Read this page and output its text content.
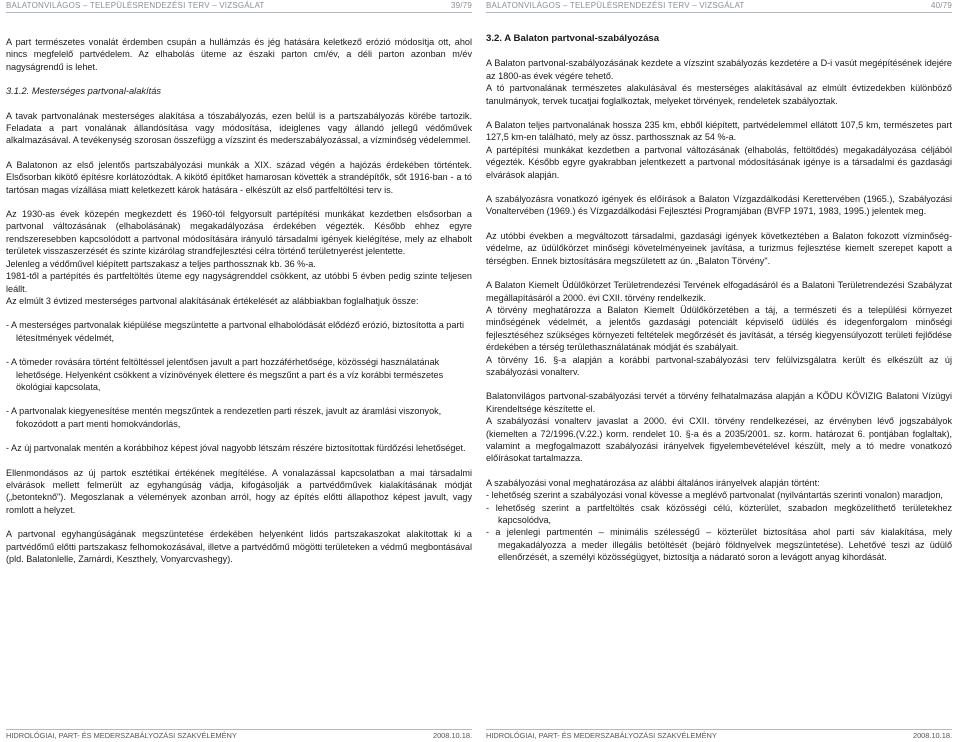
BALATONVILÁGOS – TELEPÜLÉSRENDEZÉSI TERV – VIZSGÁLAT	39/79

A part természetes vonalát érdemben csupán a hullámzás és jég hatására keletkező erózió módosítja ott, ahol nincs megfelelő partvédelem. Az elhabolás üteme az északi parton cm/év, a déli parton azonban m/év nagyságrendű is lehet.

3.1.2. Mesterséges partvonal-alakítás

A tavak partvonalának mesterséges alakítása a tószabályozás, ezen belül is a partszabályozás körébe tartozik. Feladata a part vonalának állandósítása vagy módosítása, ideiglenes vagy állandó jellegű védőművek alkalmazásával. A tevékenység szorosan összefügg a vízszint és mederszabályozással, a vízminőség védelemmel.

A Balatonon az első jelentős partszabályozási munkák a XIX. század végén a hajózás érdekében történtek. Elsősorban kikötő építésre korlátozódtak. A kikötő építőket hamarosan követték a strandépítők, sőt 1916-ban - a tó tartósan magas vízállása miatt keletkezett károk hatására - elkészült az első partfeltöltési terv is.

Az 1930-as évek közepén megkezdett és 1960-tól felgyorsult partépítési munkákat kezdetben elsősorban a partvonal változásának (elhabolásának) megakadályozása érdekében végezték. Később ehhez egyre rendszeresebben kapcsolódott a partvonal módosítására irányuló társadalmi igények kielégítése, mely az elhabolt területek visszaszerzését és szinte kizárólag strandfejlesztési célra történő területnyerést jelentette.

Jelenleg a védőművel kiépített partszakasz a teljes parthossznak kb. 36 %-a.

1981-től a partépítés és partfeltöltés üteme egy nagyságrenddel csökkent, az utóbbi 5 évben pedig szinte teljesen leállt.

Az elmúlt 3 évtized mesterséges partvonal alakításának értékelését az alábbiakban foglalhatjuk össze:

- A mesterséges partvonalak kiépülése megszüntette a partvonal elhabolódását elődéző erózió, biztosította a parti létesítmények védelmét,
- A tömeder rovására történt feltöltéssel jelentősen javult a part hozzáférhetősége, közösségi használatának lehetősége. Helyenként csökkent a vízinövények élettere és megszűnt a part és a víz korábbi természetes ökológiai kapcsolata,
- A partvonalak kiegyenesítése mentén megszűntek a rendezetlen parti részek, javult az áramlási viszonyok, fokozódott a part menti homokvándorlás,
- Az új partvonalak mentén a korábbihoz képest jóval nagyobb létszám részére biztosítottak fürdőzési lehetőséget.

Ellenmondásos az új partok esztétikai értékének megítélése. A vonalazással kapcsolatban a mai társadalmi elvárások mellett felmerült az egyhangúság vádja, kifogásolják a partvédőművek kialakításának módját („betonteknő"). Megoszlanak a vélemények azonban arról, hogy az építés előtti állapothoz képest javult, vagy romlott a helyzet.

A partvonal egyhangúságának megszüntetése érdekében helyenként lidós partszakaszokat alakítottak ki a partvédőmű előtti partszakasz felhomokozásával, illetve a partvédőmű mögötti területeken a védmű megbontásával (pld. Balatonlelle, Zamárdi, Keszthely, Vonyarcvashegy).

HIDROLÓGIAI, PART- ÉS MEDERSZABÁLYOZÁSI SZAKVÉLEMÉNY	2008.10.18.
BALATONVILÁGOS – TELEPÜLÉSRENDEZÉSI TERV – VIZSGÁLAT	40/79
3.2. A Balaton partvonal-szabályozása

A Balaton partvonal-szabályozásának kezdete a vízszint szabályozás kezdetére a D-i vasút megépítésének idejére az 1800-as évek végére tehető.

A tó partvonalának természetes alakulásával és mesterséges alakításával az elmúlt évtizedekben különböző tanulmányok, tervek tucatjai foglalkoztak, melyeket törvények, rendeletek szabályoztak.

A Balaton teljes partvonalának hossza 235 km, ebből kiépített, partvédelemmel ellátott 107,5 km, természetes part 127,5 km-en található, mely az össz. parthossznak az 54 %-a.

A partépítési munkákat kezdetben a partvonal változásának (elhabolás, feltöltődés) megakadályozása céljából végezték. Később egyre gyakrabban jelentkezett a partvonal módosításának igénye is a társadalmi és gazdasági elvárások alapján.

A szabályozásra vonatkozó igények és előírások a Balaton Vízgazdálkodási Kerettervében (1965.), Szabályozási Vonaltervében (1969.) és Vízgazdálkodási Fejlesztési Programjában (BVFP 1971, 1983, 1995.) jelentek meg.

Az utóbbi években a megváltozott társadalmi, gazdasági igények következtében a Balaton fokozott vízminőség-védelme, az üdülőkörzet minőségi követelményeinek javítása, a turizmus fejlesztése kiemelt szerepet kapott a térségben. Ennek biztosítására megszületett az ún. „Balaton Törvény".

A Balaton Kiemelt Üdülőkörzet Területrendezési Tervének elfogadásáról és a Balatoni Területrendezési Szabályzat megállapításáról a 2000. évi CXII. törvény rendelkezik.

A törvény meghatározza a Balaton Kiemelt Üdülőkörzetében a táj, a természeti és a települési környezet minőségének védelmét, a jelentős gazdasági potenciált képviselő üdülés és idegenforgalom minőségi fejlesztéséhez szükséges környezeti feltételek megőrzését és javítását, a térség kiegyensúlyozott területi fejlődése érdekében a térség területhasználatának módját és szabályait.

A törvény 16. §-a alapján a korábbi partvonal-szabályozási terv felülvizsgálatra került és elkészült az új szabályozási vonalterv.

Balatonvilágos partvonal-szabályozási tervét a törvény felhatalmazása alapján a KÖDU KÖVIZIG Balatoni Vízügyi Kirendeltsége készítette el.

A szabályozási vonalterv javaslat a 2000. évi CXII. törvény rendelkezései, az érvényben lévő jogszabályok (kiemelten a 72/1996.(V.22.) korm. rendelet 10. §-a és a 2035/2001. sz. korm. határozat 6. pontjában foglaltak), valamint a megfogalmazott szabályozási irányelvek figyelembevételével készült, mely a tó medre vonatkozó előírásokat tartalmazza.

A szabályozási vonal meghatározása az alábbi általános irányelvek alapján történt:

- lehetőség szerint a szabályozási vonal kövesse a meglévő partvonalat (nyilvántartás szerinti vonalon) maradjon,
- lehetőség szerint a partfeltöltés csak közösségi célú, közterület, szabadon megközelíthető területekhez kapcsolódva,
- a jelenlegi partmentén – minimális szélességű – közterület biztosítása ahol parti sáv kialakítása, mely megakadályozza a meder illegális betöltését (bejárò földnyelvek megszüntetése). Lehetővé teszi az üdülő ellenőrzését, a személyi közösségügyet, biztosítja a nádarató soron a levágott anyag kihordását.
HIDROLÓGIAI, PART- ÉS MEDERSZABÁLYOZÁSI SZAKVÉLEMÉNY	2008.10.18.
